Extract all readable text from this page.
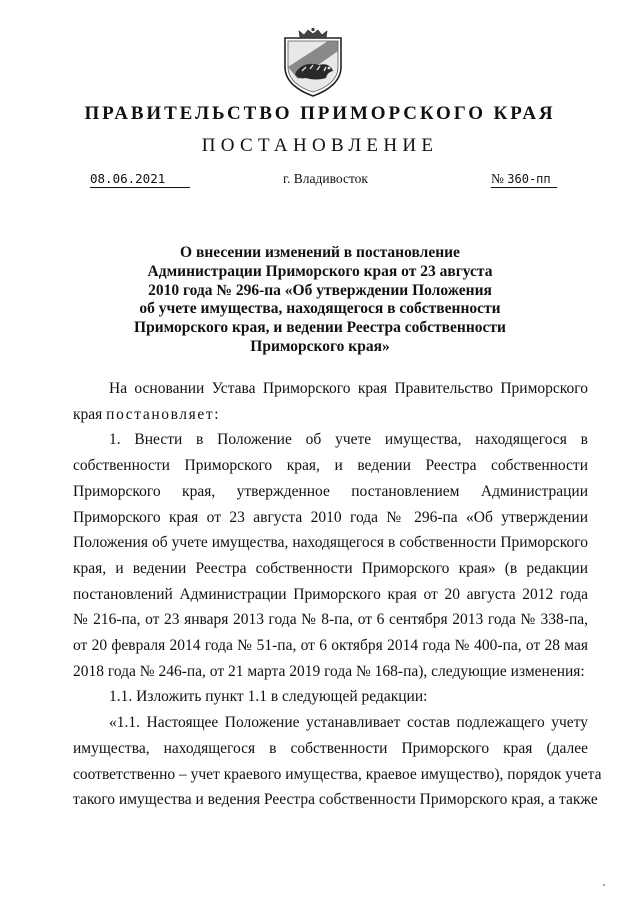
ПРАВИТЕЛЬСТВО ПРИМОРСКОГО КРАЯ
ПОСТАНОВЛЕНИЕ
08.06.2021	г. Владивосток	№ 360-пп
О внесении изменений в постановление
Администрации Приморского края от 23 августа
2010 года № 296-па «Об утверждении Положения
об учете имущества, находящегося в собственности
Приморского края, и ведении Реестра собственности
Приморского края»

На основании Устава Приморского края Правительство Приморского
края постановляет:

1. Внести в Положение об учете имущества, находящегося в
собственности Приморского края, и ведении Реестра собственности
Приморского края, утвержденное постановлением Администрации
Приморского края от 23 августа 2010 года № 296-па «Об утверждении
Положения об учете имущества, находящегося в собственности Приморского
края, и ведении Реестра собственности Приморского края» (в редакции
постановлений Администрации Приморского края от 20 августа 2012 года
№ 216-па, от 23 января 2013 года № 8-па, от 6 сентября 2013 года № 338-па,
от 20 февраля 2014 года № 51-па, от 6 октября 2014 года № 400-па, от 28 мая
2018 года № 246-па, от 21 марта 2019 года № 168-па), следующие изменения:

1.1. Изложить пункт 1.1 в следующей редакции:

«1.1. Настоящее Положение устанавливает состав подлежащего учету
имущества, находящегося в собственности Приморского края (далее
соответственно – учет краевого имущества, краевое имущество), порядок учета
такого имущества и ведения Реестра собственности Приморского края, а также
